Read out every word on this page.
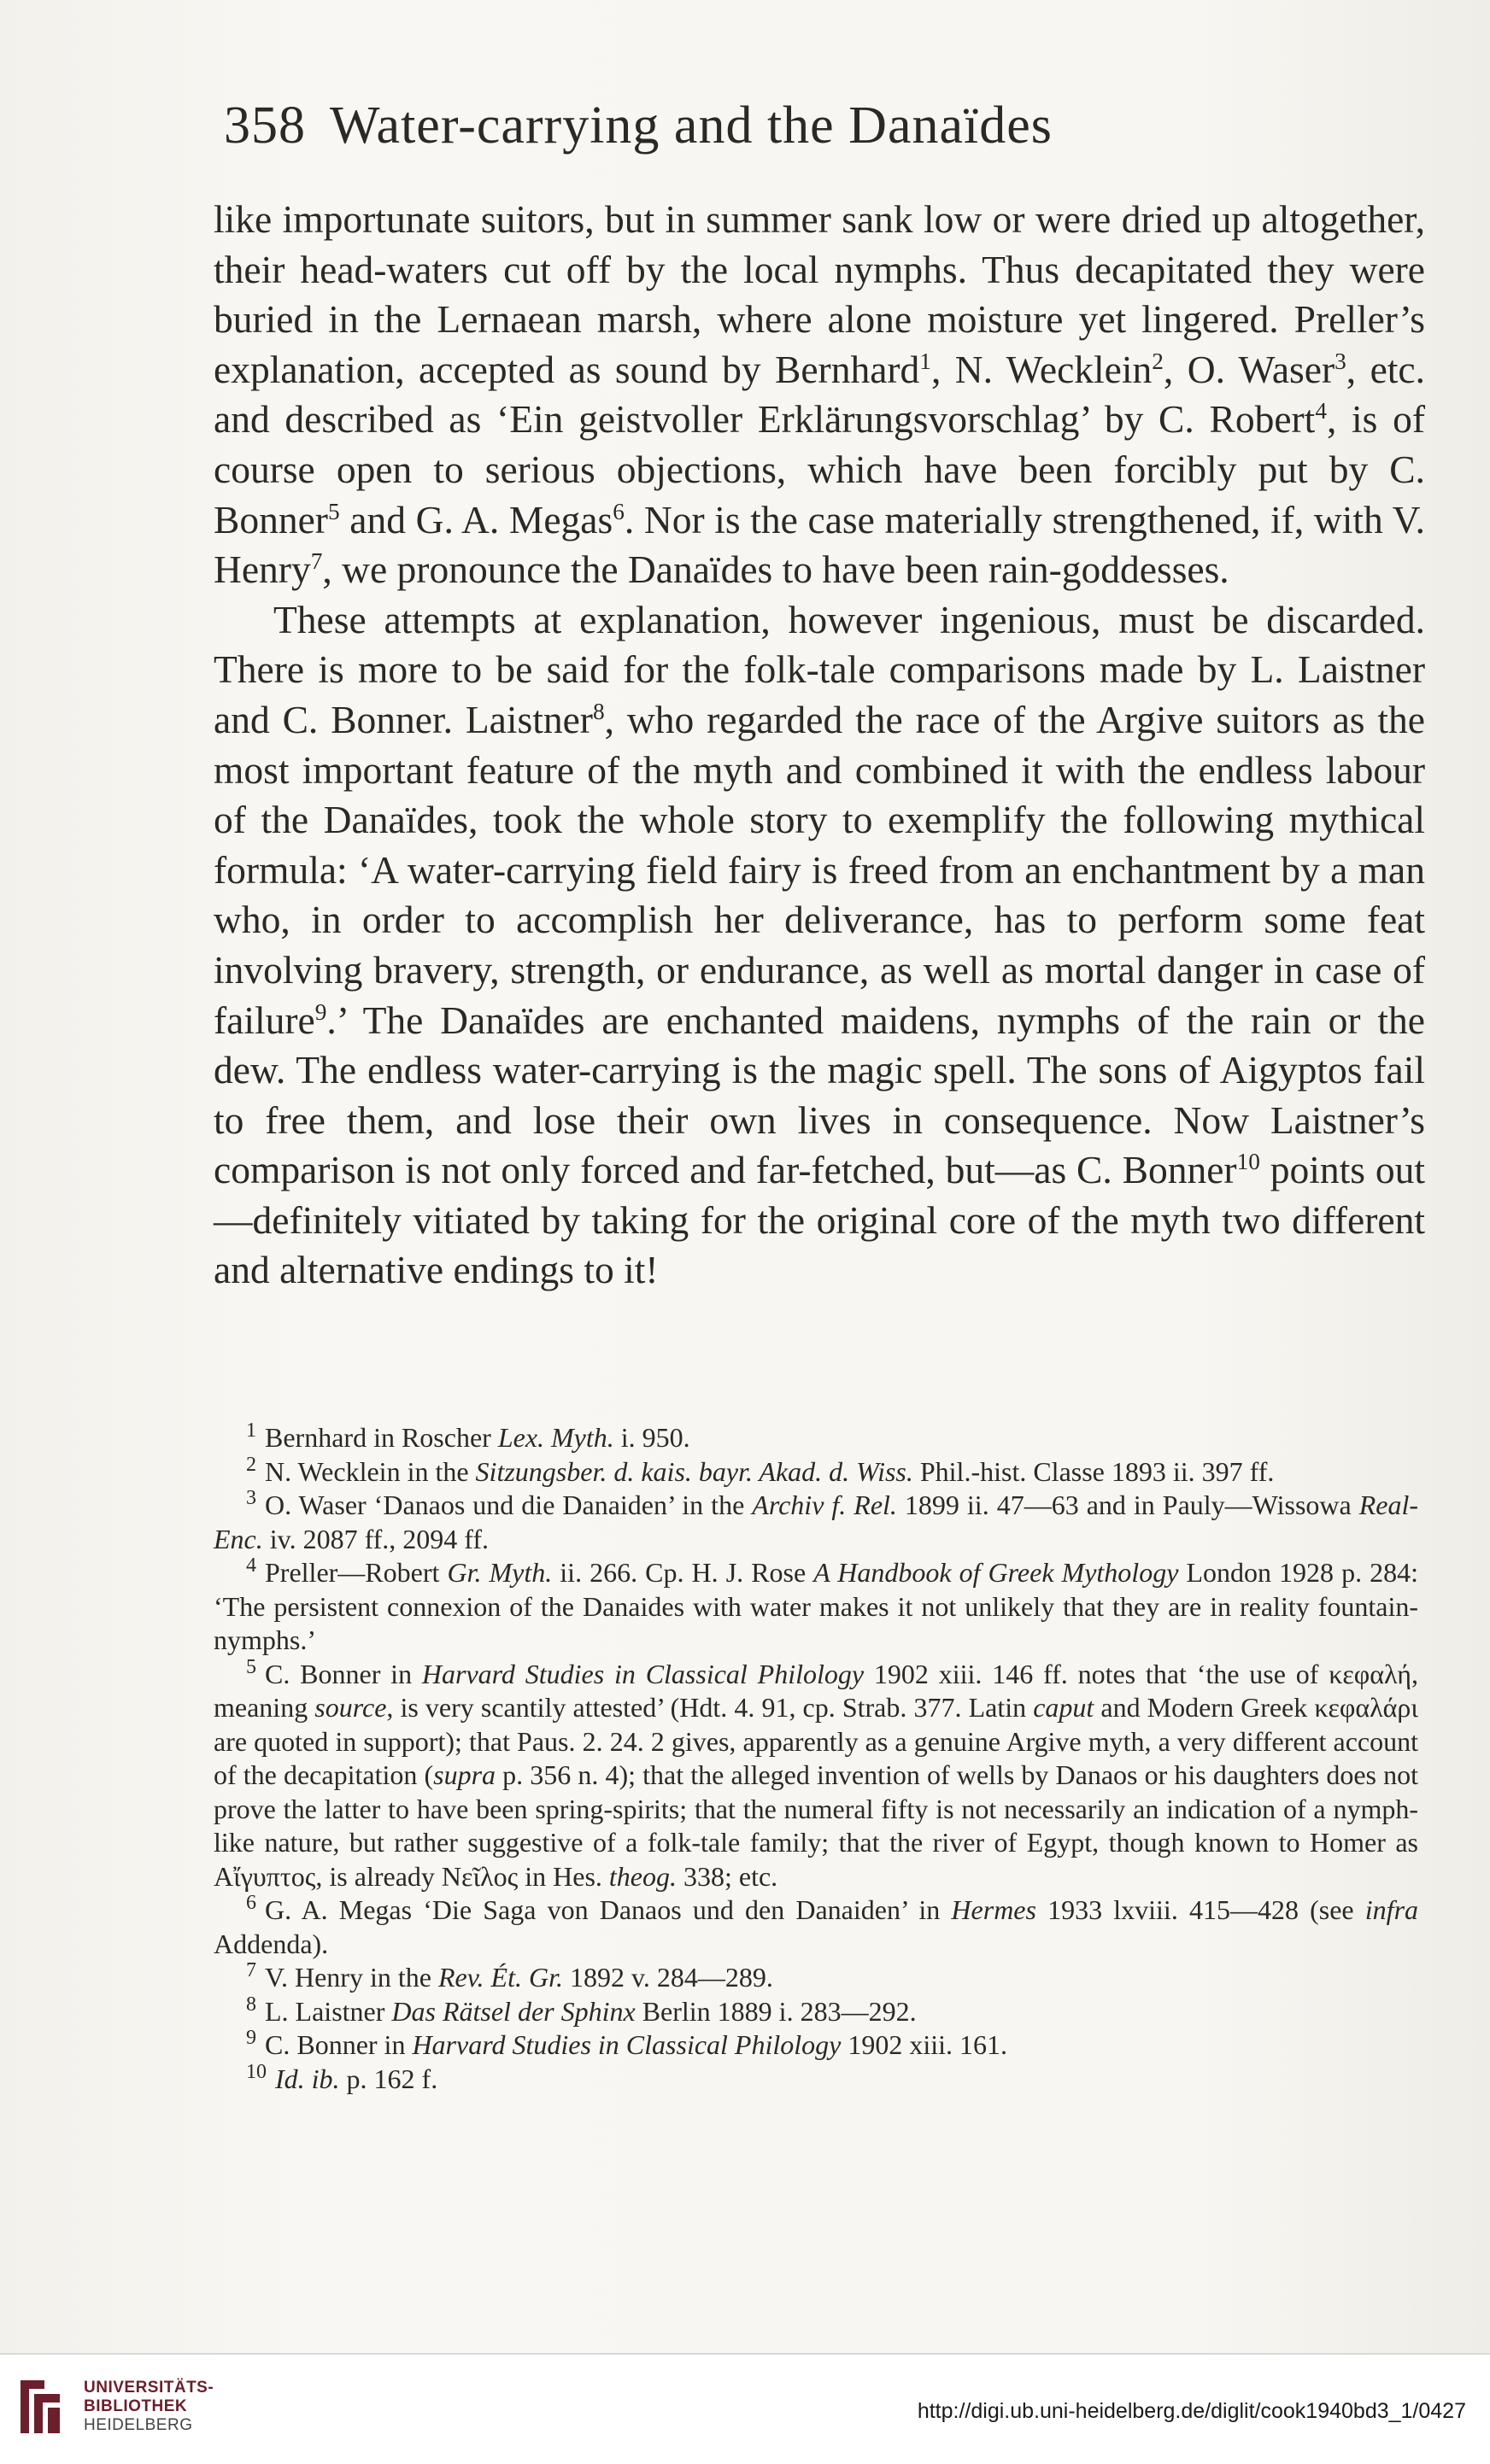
358 Water-carrying and the Danaïdes

like importunate suitors, but in summer sank low or were dried up altogether, their head-waters cut off by the local nymphs. Thus decapitated they were buried in the Lernaean marsh, where alone moisture yet lingered. Preller’s explanation, accepted as sound by Bernhard$^1$, N. Wecklein$^2$, O. Waser$^3$, etc. and described as ‘Ein geistvoller Erklärungsvorschlag’ by C. Robert$^4$, is of course open to serious objections, which have been forcibly put by C. Bonner$^5$ and G. A. Megas$^6$. Nor is the case materially strengthened, if, with V. Henry$^7$, we pronounce the Danaïdes to have been rain-goddesses.

These attempts at explanation, however ingenious, must be discarded. There is more to be said for the folk-tale comparisons made by L. Laistner and C. Bonner. Laistner$^8$, who regarded the race of the Argive suitors as the most important feature of the myth and combined it with the endless labour of the Danaïdes, took the whole story to exemplify the following mythical formula: ‘A water-carrying field fairy is freed from an enchantment by a man who, in order to accomplish her deliverance, has to perform some feat involving bravery, strength, or endurance, as well as mortal danger in case of failure$^9$.’ The Danaïdes are enchanted maidens, nymphs of the rain or the dew. The endless water-carrying is the magic spell. The sons of Aigyptos fail to free them, and lose their own lives in consequence. Now Laistner’s comparison is not only forced and far-fetched, but—as C. Bonner$^{10}$ points out—definitely vitiated by taking for the original core of the myth two different and alternative endings to it!

$^1$ Bernhard in Roscher Lex. Myth. i. 950.

$^2$ N. Wecklein in the Sitzungsber. d. kais. bayr. Akad. d. Wiss. Phil.-hist. Classe 1893 ii. 397 ff.

$^3$ O. Waser ‘Danaos und die Danaiden’ in the Archiv f. Rel. 1899 ii. 47—63 and in Pauly—Wissowa Real-Enc. iv. 2087 ff., 2094 ff.

$^4$ Preller—Robert Gr. Myth. ii. 266. Cp. H. J. Rose A Handbook of Greek Mythology London 1928 p. 284: ‘The persistent connexion of the Danaides with water makes it not unlikely that they are in reality fountain-nymphs.’

$^5$ C. Bonner in Harvard Studies in Classical Philology 1902 xiii. 146 ff. notes that ‘the use of κεφαλή, meaning source, is very scantily attested’ (Hdt. 4. 91, cp. Strab. 377. Latin caput and Modern Greek κεφαλάρι are quoted in support); that Paus. 2. 24. 2 gives, apparently as a genuine Argive myth, a very different account of the decapitation (supra p. 356 n. 4); that the alleged invention of wells by Danaos or his daughters does not prove the latter to have been spring-spirits; that the numeral fifty is not necessarily an indication of a nymph-like nature, but rather suggestive of a folk-tale family; that the river of Egypt, though known to Homer as Αἴγυπτος, is already Νεῖλος in Hes. theog. 338; etc.

$^6$ G. A. Megas ‘Die Saga von Danaos und den Danaiden’ in Hermes 1933 lxviii. 415—428 (see infra Addenda).

$^7$ V. Henry in the Rev. Ét. Gr. 1892 v. 284—289.

$^8$ L. Laistner Das Rätsel der Sphinx Berlin 1889 i. 283—292.

$^9$ C. Bonner in Harvard Studies in Classical Philology 1902 xiii. 161.

$^{10}$ Id. ib. p. 162 f.

UNIVERSITÄTS-
BIBLIOTHEK
HEIDELBERG
http://digi.ub.uni-heidelberg.de/diglit/cook1940bd3_1/0427
